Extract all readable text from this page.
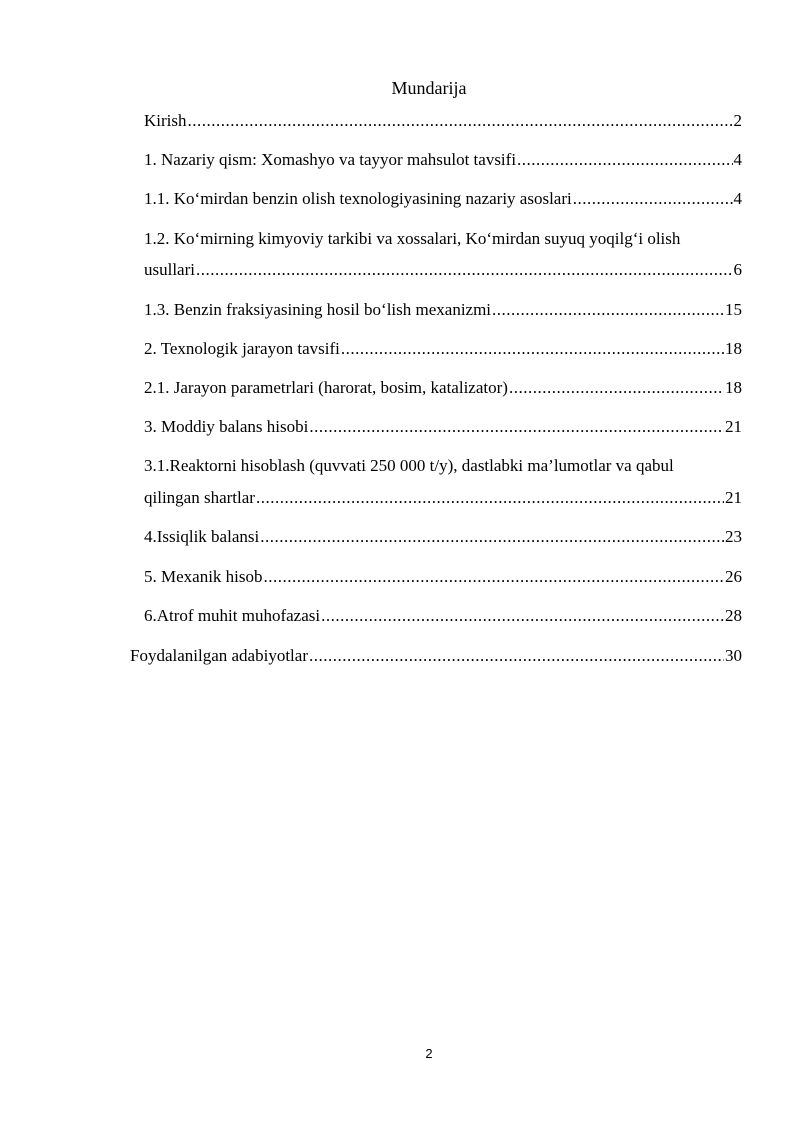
Mundarija
Kirish .....	2
1. Nazariy qism: Xomashyo va tayyor mahsulot tavsifi .....	4
1.1. Ko‘mirdan benzin olish texnologiyasining nazariy asoslari .....	4
1.2. Ko‘mirning kimyoviy tarkibi va xossalari, Ko‘mirdan suyuq yoqilg‘i olish
usullari .....	6
1.3. Benzin fraksiyasining hosil bo‘lish mexanizmi .....	15
2. Texnologik jarayon tavsifi .....	18
2.1. Jarayon parametrlari (harorat, bosim, katalizator) .....	18
3. Moddiy balans hisobi .....	21
3.1.Reaktorni hisoblash (quvvati 250 000 t/y), dastlabki ma’lumotlar va qabul
qilingan shartlar .....	21
4.Issiqlik balansi .....	23
5. Mexanik hisob .....	26
6.Atrof muhit muhofazasi .....	28
Foydalanilgan adabiyotlar .....	30
2
